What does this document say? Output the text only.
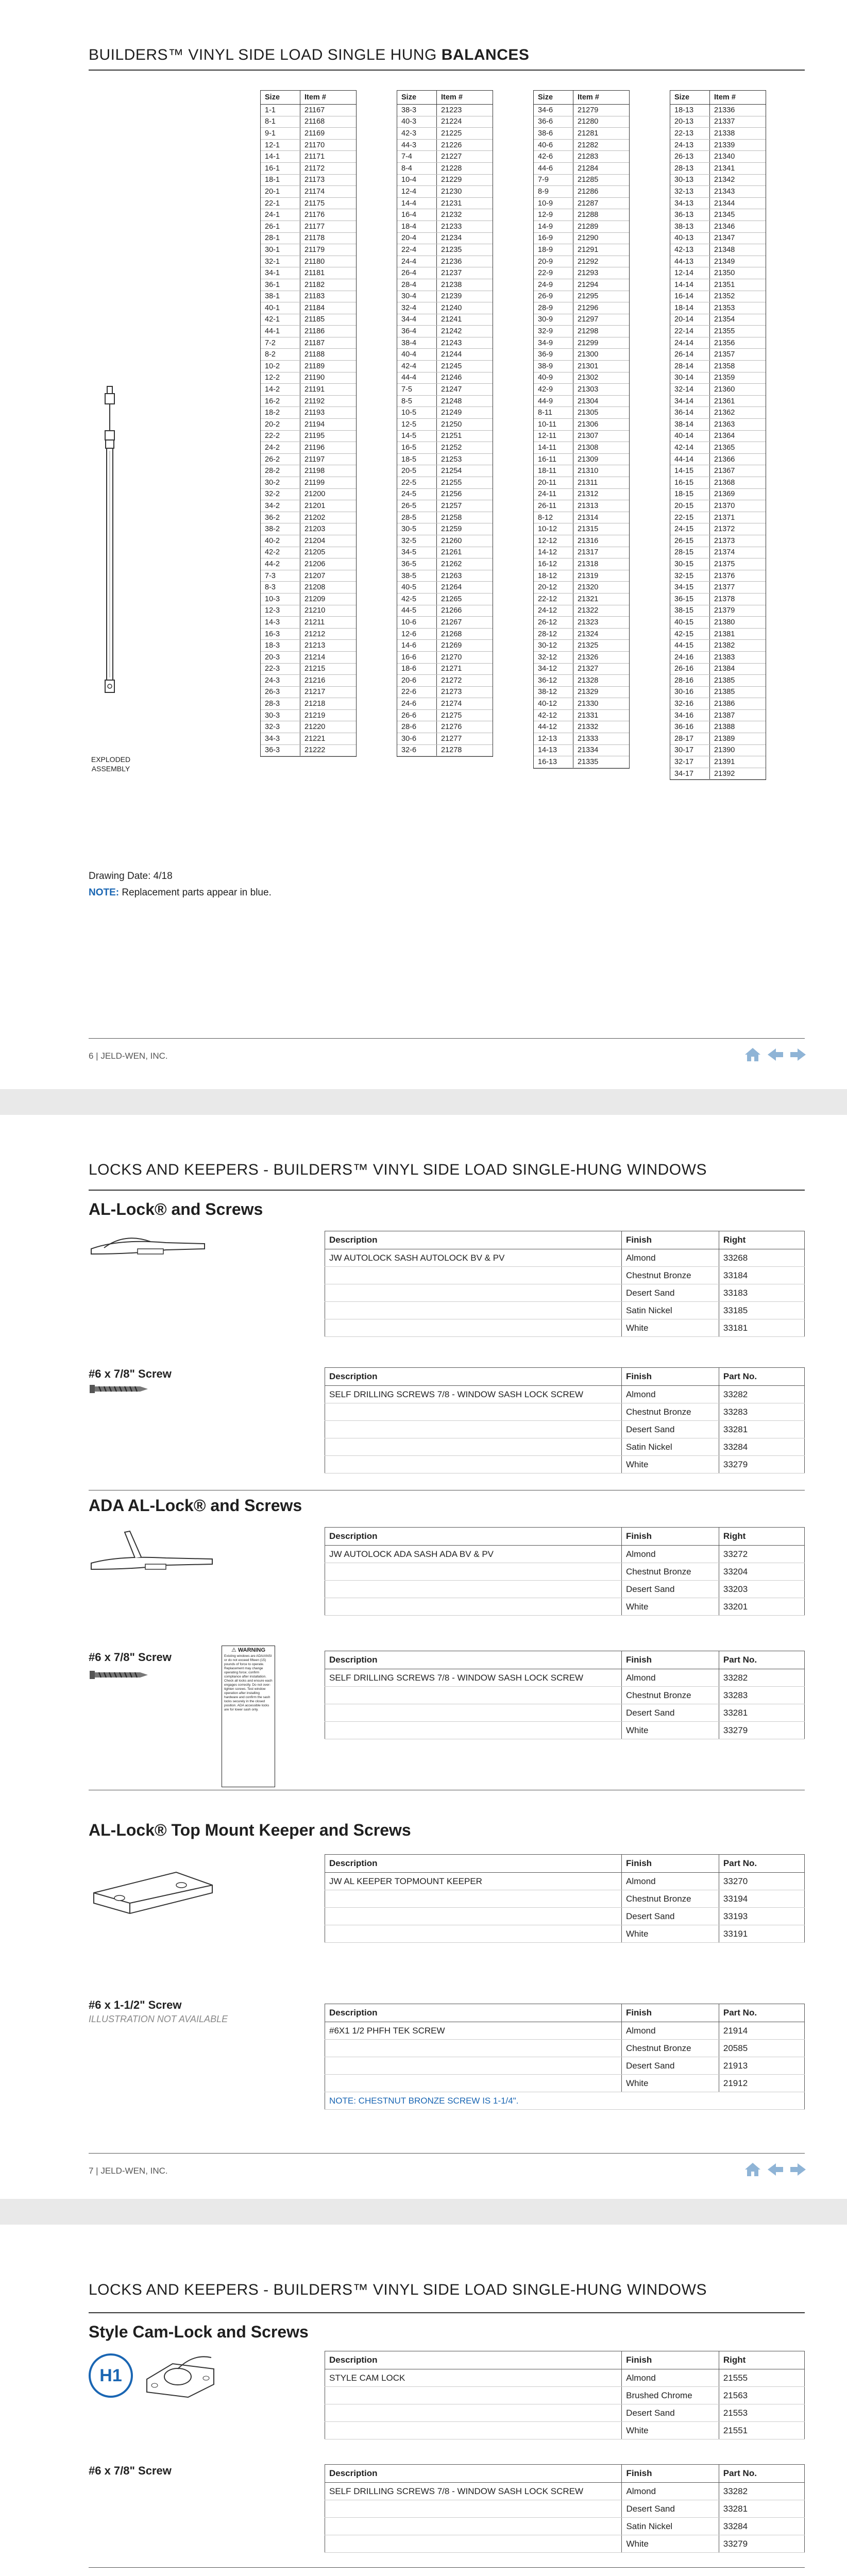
BUILDERS™ VINYL SIDE LOAD SINGLE HUNG BALANCES
EXPLODED
ASSEMBLY
Size	Item #
1-1	21167
8-1	21168
9-1	21169
12-1	21170
14-1	21171
16-1	21172
18-1	21173
20-1	21174
22-1	21175
24-1	21176
26-1	21177
28-1	21178
30-1	21179
32-1	21180
34-1	21181
36-1	21182
38-1	21183
40-1	21184
42-1	21185
44-1	21186
7-2	21187
8-2	21188
10-2	21189
12-2	21190
14-2	21191
16-2	21192
18-2	21193
20-2	21194
22-2	21195
24-2	21196
26-2	21197
28-2	21198
30-2	21199
32-2	21200
34-2	21201
36-2	21202
38-2	21203
40-2	21204
42-2	21205
44-2	21206
7-3	21207
8-3	21208
10-3	21209
12-3	21210
14-3	21211
16-3	21212
18-3	21213
20-3	21214
22-3	21215
24-3	21216
26-3	21217
28-3	21218
30-3	21219
32-3	21220
34-3	21221
36-3	21222
Size	Item #
38-3	21223
40-3	21224
42-3	21225
44-3	21226
7-4	21227
8-4	21228
10-4	21229
12-4	21230
14-4	21231
16-4	21232
18-4	21233
20-4	21234
22-4	21235
24-4	21236
26-4	21237
28-4	21238
30-4	21239
32-4	21240
34-4	21241
36-4	21242
38-4	21243
40-4	21244
42-4	21245
44-4	21246
7-5	21247
8-5	21248
10-5	21249
12-5	21250
14-5	21251
16-5	21252
18-5	21253
20-5	21254
22-5	21255
24-5	21256
26-5	21257
28-5	21258
30-5	21259
32-5	21260
34-5	21261
36-5	21262
38-5	21263
40-5	21264
42-5	21265
44-5	21266
10-6	21267
12-6	21268
14-6	21269
16-6	21270
18-6	21271
20-6	21272
22-6	21273
24-6	21274
26-6	21275
28-6	21276
30-6	21277
32-6	21278
Size	Item #
34-6	21279
36-6	21280
38-6	21281
40-6	21282
42-6	21283
44-6	21284
7-9	21285
8-9	21286
10-9	21287
12-9	21288
14-9	21289
16-9	21290
18-9	21291
20-9	21292
22-9	21293
24-9	21294
26-9	21295
28-9	21296
30-9	21297
32-9	21298
34-9	21299
36-9	21300
38-9	21301
40-9	21302
42-9	21303
44-9	21304
8-11	21305
10-11	21306
12-11	21307
14-11	21308
16-11	21309
18-11	21310
20-11	21311
24-11	21312
26-11	21313
8-12	21314
10-12	21315
12-12	21316
14-12	21317
16-12	21318
18-12	21319
20-12	21320
22-12	21321
24-12	21322
26-12	21323
28-12	21324
30-12	21325
32-12	21326
34-12	21327
36-12	21328
38-12	21329
40-12	21330
42-12	21331
44-12	21332
12-13	21333
14-13	21334
16-13	21335
Size	Item #
18-13	21336
20-13	21337
22-13	21338
24-13	21339
26-13	21340
28-13	21341
30-13	21342
32-13	21343
34-13	21344
36-13	21345
38-13	21346
40-13	21347
42-13	21348
44-13	21349
12-14	21350
14-14	21351
16-14	21352
18-14	21353
20-14	21354
22-14	21355
24-14	21356
26-14	21357
28-14	21358
30-14	21359
32-14	21360
34-14	21361
36-14	21362
38-14	21363
40-14	21364
42-14	21365
44-14	21366
14-15	21367
16-15	21368
18-15	21369
20-15	21370
22-15	21371
24-15	21372
26-15	21373
28-15	21374
30-15	21375
32-15	21376
34-15	21377
36-15	21378
38-15	21379
40-15	21380
42-15	21381
44-15	21382
24-16	21383
26-16	21384
28-16	21385
30-16	21385
32-16	21386
34-16	21387
36-16	21388
28-17	21389
30-17	21390
32-17	21391
34-17	21392
Drawing Date: 4/18
NOTE: Replacement parts appear in blue.
6 | JELD-WEN, INC.
LOCKS AND KEEPERS - BUILDERS™ VINYL SIDE LOAD SINGLE-HUNG WINDOWS
AL-Lock® and Screws
Description	Finish	Right
JW AUTOLOCK SASH AUTOLOCK BV & PV	Almond	33268
	Chestnut Bronze	33184
	Desert Sand	33183
	Satin Nickel	33185
	White	33181
#6 x 7/8" Screw	Description	Finish	Part No.
SELF DRILLING SCREWS 7/8 - WINDOW SASH LOCK SCREW	Almond	33282
	Chestnut Bronze	33283
	Desert Sand	33281
	Satin Nickel	33284
	White	33279
ADA AL-Lock® and Screws
⚠ WARNING
Existing windows are ADA/ANSI or do not exceed fifteen (15) pounds of force to operate. Replacement may change operating force; confirm compliance after installation. Check all locks and ensure each engages correctly. Do not over-tighten screws. Test window operation after installing hardware and confirm the sash locks securely in the closed position. ADA accessible locks are for lower sash only.
Description	Finish	Right
JW AUTOLOCK ADA SASH ADA BV & PV	Almond	33272
	Chestnut Bronze	33204
	Desert Sand	33203
	White	33201
#6 x 7/8" Screw	Description	Finish	Part No.
SELF DRILLING SCREWS 7/8 - WINDOW SASH LOCK SCREW	Almond	33282
	Chestnut Bronze	33283
	Desert Sand	33281
	White	33279
AL-Lock® Top Mount Keeper and Screws
Description	Finish	Part No.
JW AL KEEPER TOPMOUNT KEEPER	Almond	33270
	Chestnut Bronze	33194
	Desert Sand	33193
	White	33191
#6 x 1-1/2" Screw
ILLUSTRATION NOT AVAILABLE
Description	Finish	Part No.
#6X1 1/2 PHFH TEK SCREW	Almond	21914
	Chestnut Bronze	20585
	Desert Sand	21913
	White	21912
NOTE: CHESTNUT BRONZE SCREW IS 1-1/4".		
7 | JELD-WEN, INC.
LOCKS AND KEEPERS - BUILDERS™ VINYL SIDE LOAD SINGLE-HUNG WINDOWS
Style Cam-Lock and Screws
H1
Description	Finish	Right
STYLE CAM LOCK	Almond	21555
	Brushed Chrome	21563
	Desert Sand	21553
	White	21551
#6 x 7/8" Screw	Description	Finish	Part No.
SELF DRILLING SCREWS 7/8 - WINDOW SASH LOCK SCREW	Almond	33282
	Desert Sand	33281
	Satin Nickel	33284
	White	33279
